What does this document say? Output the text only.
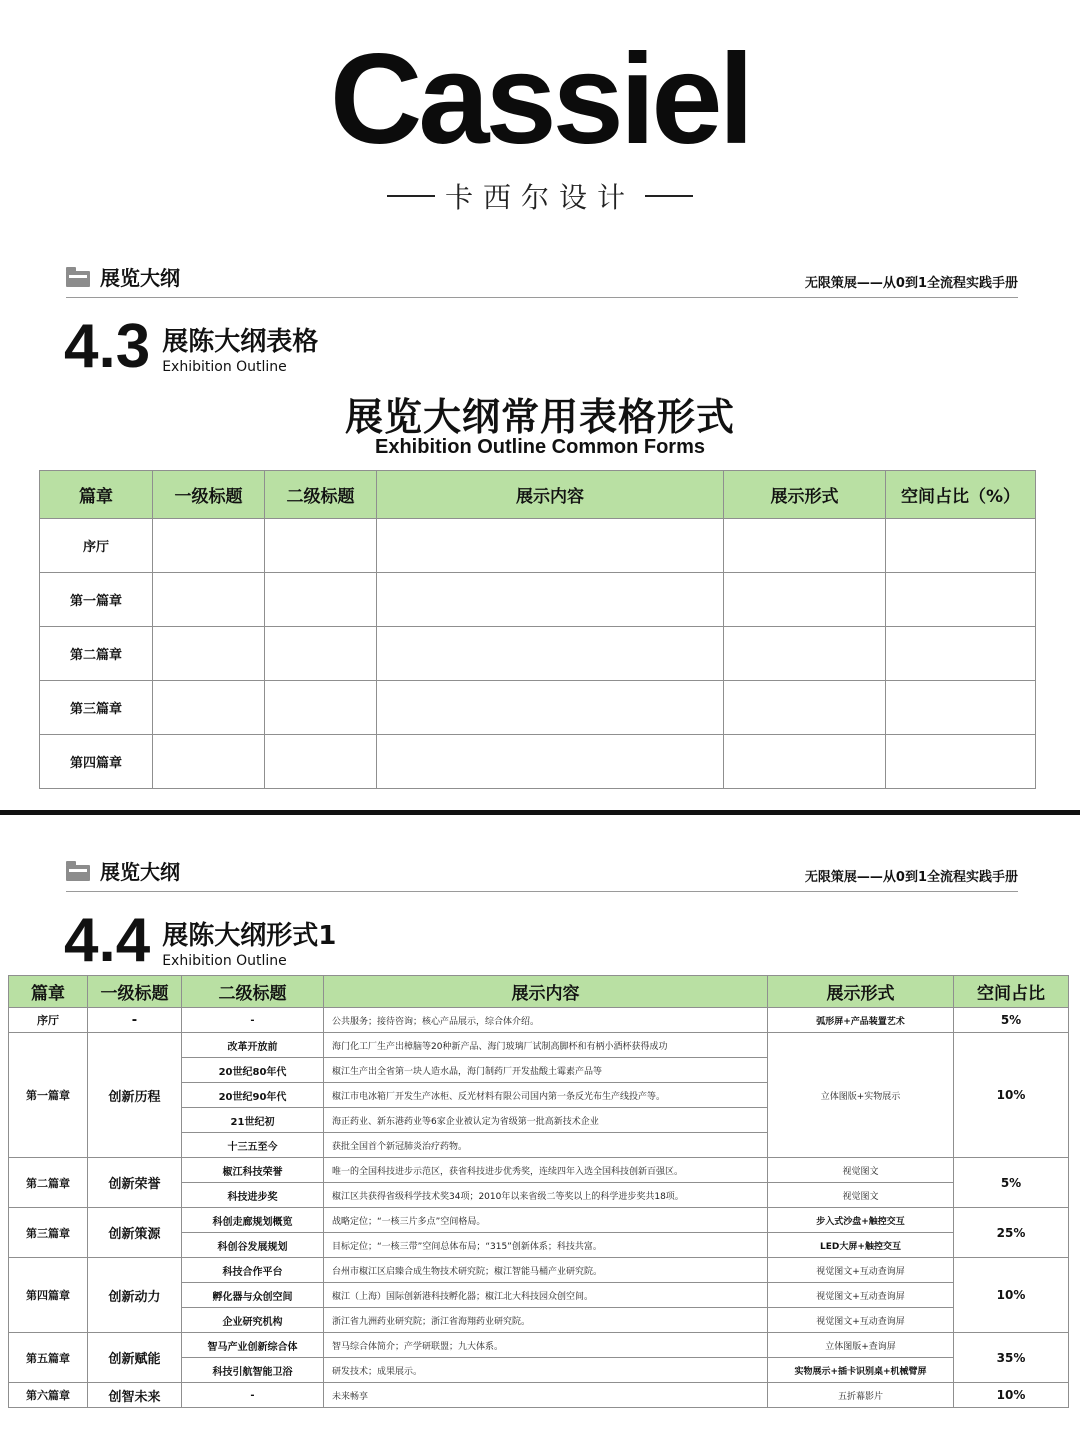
Cassiel
卡西尔设计
展览大纲	无限策展——从0到1全流程实践手册
4.3 展陈大纲表格
Exhibition Outline
展览大纲常用表格形式
Exhibition Outline Common Forms
篇章	一级标题	二级标题	展示内容	展示形式	空间占比（%）
序厅					
第一篇章					
第二篇章					
第三篇章					
第四篇章					
展览大纲	无限策展——从0到1全流程实践手册
4.4 展陈大纲形式1
Exhibition Outline
篇章	一级标题	二级标题	展示内容	展示形式	空间占比
序厅	-	-	公共服务；接待咨询；核心产品展示，综合体介绍。	弧形屏+产品装置艺术	5%
第一篇章	创新历程	改革开放前	海门化工厂生产出樟脑等20种新产品、海门玻璃厂试制高脚杯和有柄小酒杯获得成功	立体图版+实物展示	10%
		20世纪80年代	椒江生产出全省第一块人造水晶，海门制药厂开发盐酸土霉素产品等		
		20世纪90年代	椒江市电冰箱厂开发生产冰柜、反光材料有限公司国内第一条反光布生产线投产等。		
		21世纪初	海正药业、新东港药业等6家企业被认定为省级第一批高新技术企业		
		十三五至今	获批全国首个新冠肺炎治疗药物。		
第二篇章	创新荣誉	椒江科技荣誉	唯一的全国科技进步示范区，获省科技进步优秀奖，连续四年入选全国科技创新百强区。	视觉图文	5%
		科技进步奖	椒江区共获得省级科学技术奖34项；2010年以来省级二等奖以上的科学进步奖共18项。	视觉图文	
第三篇章	创新策源	科创走廊规划概览	战略定位；“一核三片多点”空间格局。	步入式沙盘+触控交互	25%
		科创谷发展规划	目标定位；“一核三带”空间总体布局；“315”创新体系；科技共富。	LED大屏+触控交互	
第四篇章	创新动力	科技合作平台	台州市椒江区启臻合成生物技术研究院；椒江智能马桶产业研究院。	视觉图文+互动查询屏	10%
		孵化器与众创空间	椒江（上海）国际创新港科技孵化器；椒江北大科技园众创空间。	视觉图文+互动查询屏	
		企业研究机构	浙江省九洲药业研究院；浙江省海翔药业研究院。	视觉图文+互动查询屏	
第五篇章	创新赋能	智马产业创新综合体	智马综合体简介；产学研联盟；九大体系。	立体图版+查询屏	35%
		科技引航智能卫浴	研发技术；成果展示。	实物展示+插卡识别桌+机械臂屏	
第六篇章	创智未来	-	未来畅享	五折幕影片	10%
